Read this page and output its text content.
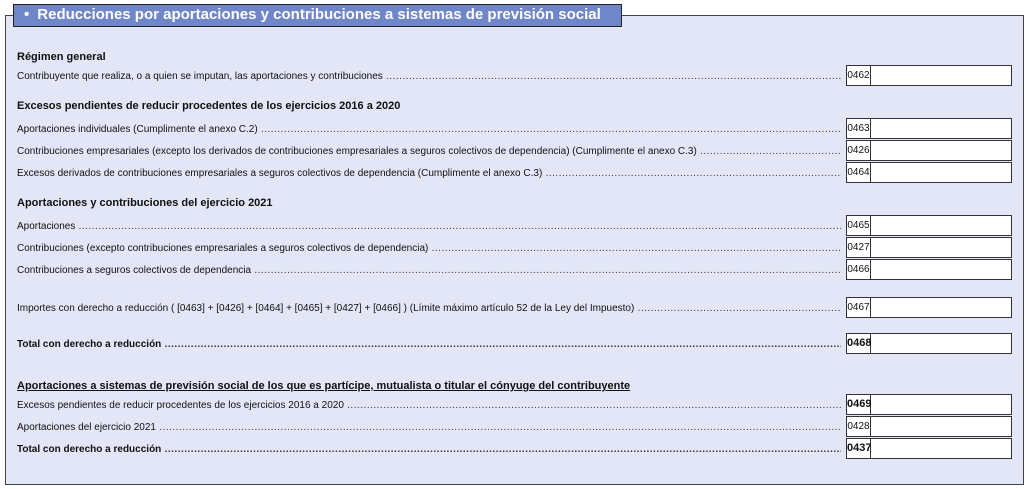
• Reducciones por aportaciones y contribuciones a sistemas de previsión social
Régimen general
Contribuyente que realiza, o a quien se imputan, las aportaciones y contribuciones .....	0462
Excesos pendientes de reducir procedentes de los ejercicios 2016 a 2020
Aportaciones individuales (Cumplimente el anexo C.2) .....	0463
Contribuciones empresariales (excepto los derivados de contribuciones empresariales a seguros colectivos de dependencia) (Cumplimente el anexo C.3) .....	0426
Excesos derivados de contribuciones empresariales a seguros colectivos de dependencia (Cumplimente el anexo C.3) .....	0464
Aportaciones y contribuciones del ejercicio 2021
Aportaciones .....	0465
Contribuciones (excepto contribuciones empresariales a seguros colectivos de dependencia) .....	0427
Contribuciones a seguros colectivos de dependencia .....	0466
Importes con derecho a reducción ( [0463] + [0426] + [0464] + [0465] + [0427] + [0466] ) (Límite máximo artículo 52 de la Ley del Impuesto) .....	0467
Total con derecho a reducción .....	0468
Aportaciones a sistemas de previsión social de los que es partícipe, mutualista o titular el cónyuge del contribuyente
Excesos pendientes de reducir procedentes de los ejercicios 2016 a 2020 .....	0469
Aportaciones del ejercicio 2021 .....	0428
Total con derecho a reducción .....	0437
